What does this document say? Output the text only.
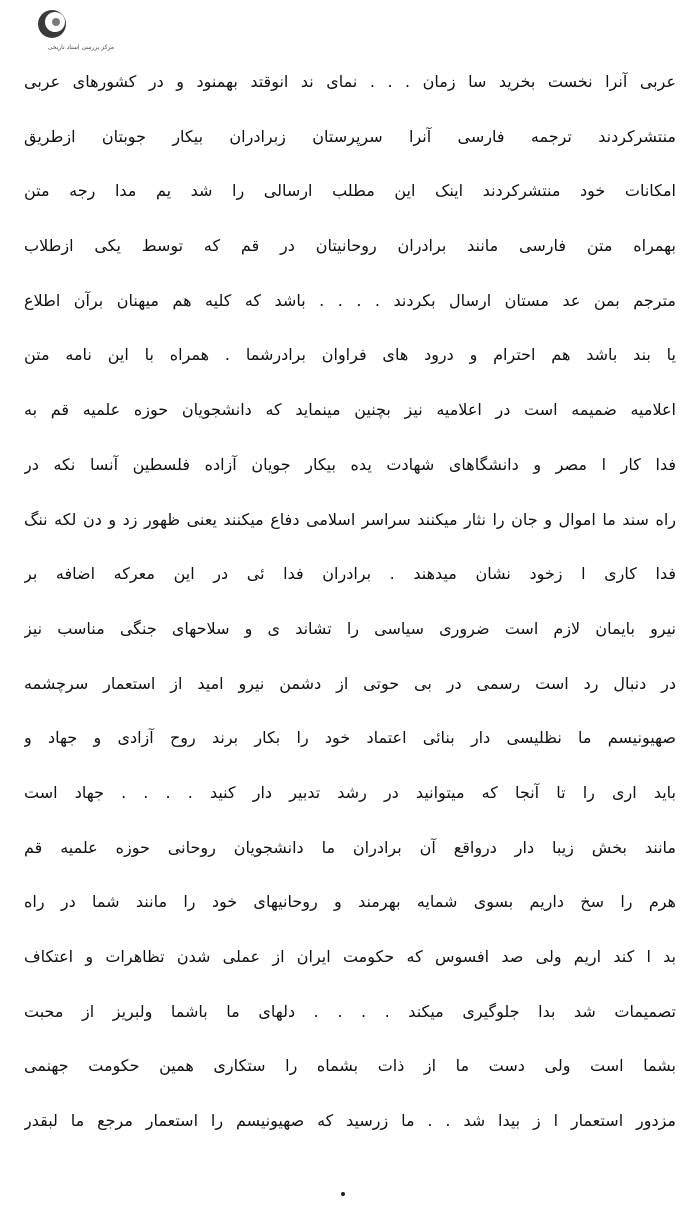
مرکز بررسی اسناد تاریخی
عربی آنرا نخست بخرید سا زمان . . . نمای ند انوقتد بهمنود و در کشورهای عربی
منتشرکردند ترجمه فارسی آنرا سرپرستان زبرادران بیکار جوبتان ازطریق
امکانات خود منتشرکردند اینک این مطلب ارسالی را شد یم مدا رجه متن
بهمراه متن فارسی مانند برادران روحانیتان در قم که توسط یکی ازطلاب
مترجم بمن عد مستان ارسال بکردند . . . . باشد که کلیه هم میهنان برآن اطلاع
یا بند باشد هم احترام و درود های فراوان برادرشما . همراه با این نامه متن
اعلامیه ضمیمه است در اعلامیه نیز بچنین مینماید که دانشجویان حوزه علمیه قم به
فدا کار ا مصر و دانشگاهای شهادت یده بیکار جویان آزاده فلسطین آنسا نکه در
راه سند ما اموال و جان را نثار میکنند سراسر اسلامی دفاع میکنند یعنی ظهور زد و دن لکه ننگ
فدا کاری ا زخود نشان میدهند . برادران فدا ئی در این معرکه اضافه بر
نیرو بایمان لازم است ضروری سیاسی را تشاند ی و سلاحهای جنگی مناسب نیز
در دنبال رد است رسمی در بی حوتی از دشمن نیرو امید از استعمار سرچشمه
صهیونیسم ما نظلیسی دار بنائی اعتماد خود را بکار برند روح آزادی و جهاد و
باید اری را تا آنجا که میتوانید در رشد تدبیر دار کنید . . . . جهاد است
مانند بخش زیبا دار درواقع آن برادران ما دانشجویان روحانی حوزه علمیه قم
هرم را سخ داریم بسوی شمایه بهرمند و روحانیهای خود را مانند شما در راه
بد ا کند اریم ولی صد افسوس که حکومت ایران از عملی شدن تظاهرات و اعتکاف
تصمیمات شد بدا جلوگیری میکند . . . . دلهای ما باشما ولبریز از محبت
بشما است ولی دست ما از ذات بشماه را ستکاری همین حکومت جهنمی
مزدور استعمار ا ز بیدا شد . . ما زرسید که صهیونیسم را استعمار مرجع ما لبقدر
